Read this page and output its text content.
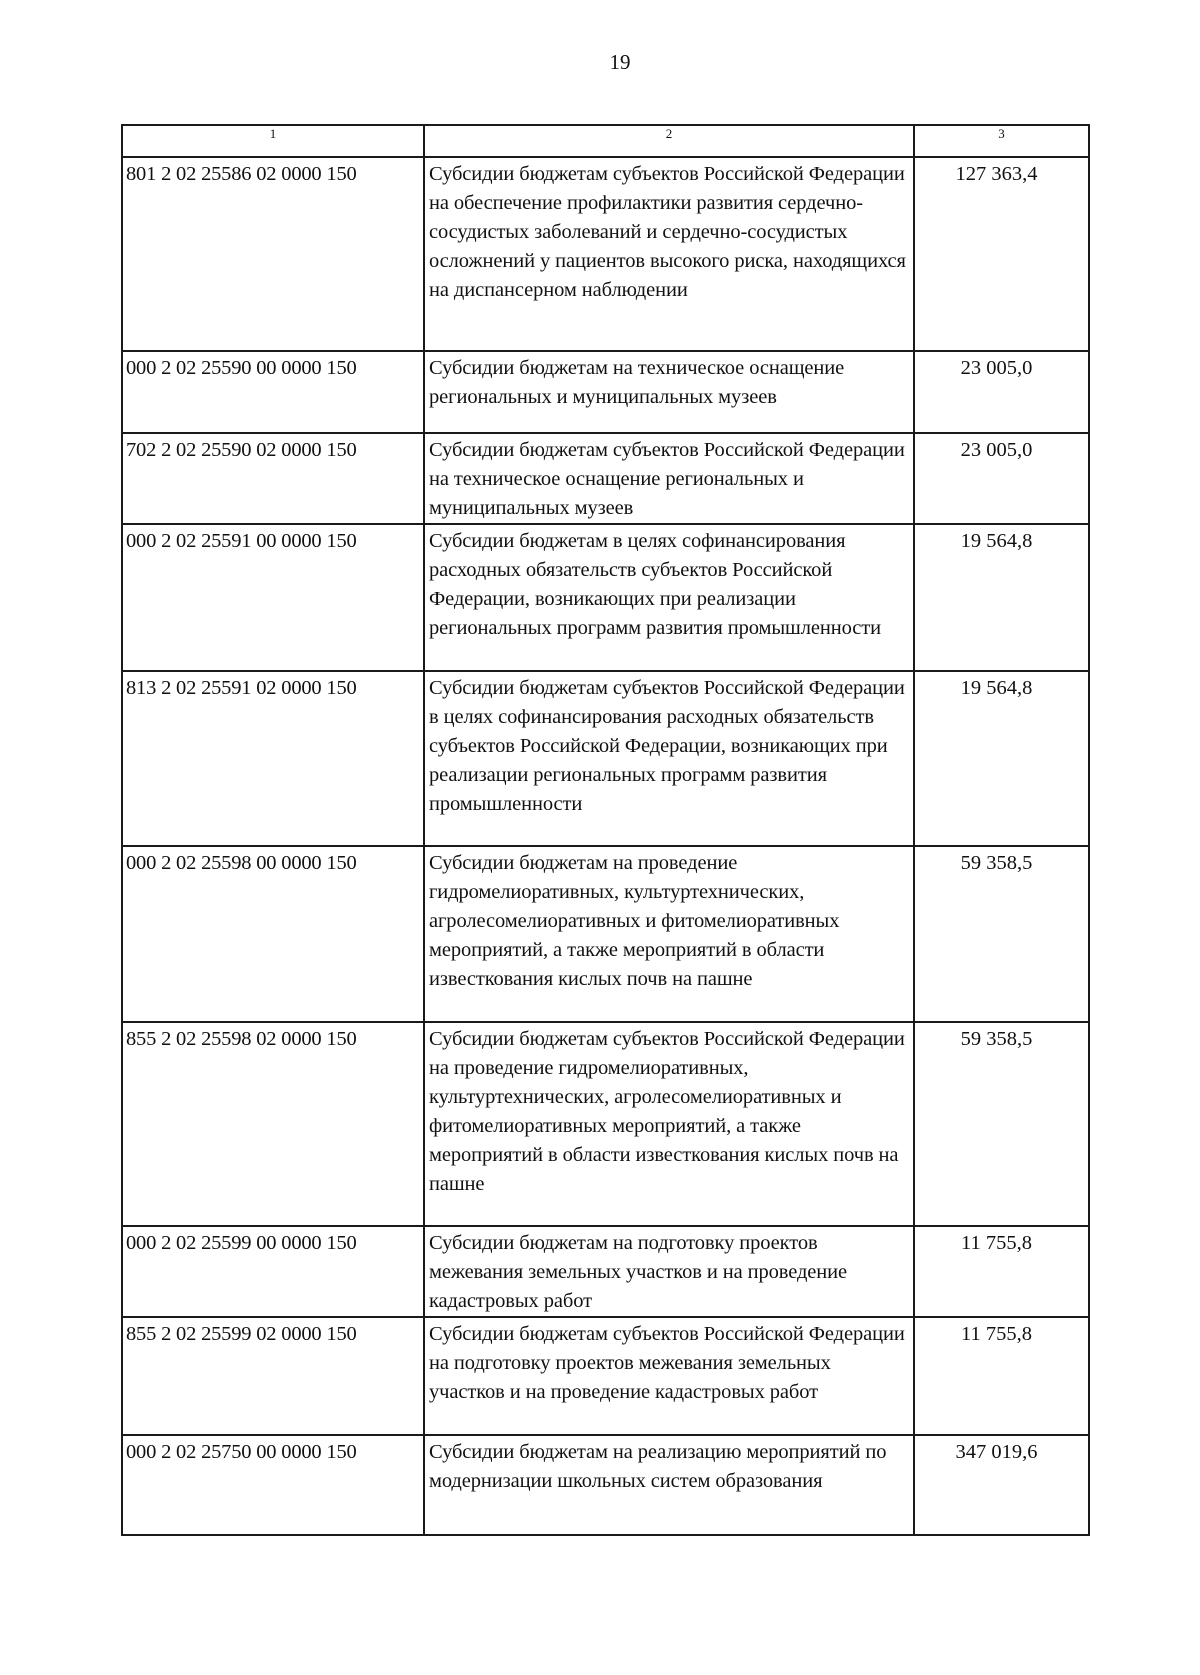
19
1	2	3
801 2 02 25586 02 0000 150	Субсидии бюджетам субъектов Российской Федерации на обеспечение профилактики развития сердечно-сосудистых заболеваний и сердечно-сосудистых осложнений у пациентов высокого риска, находящихся на диспансерном наблюдении	127 363,4
000 2 02 25590 00 0000 150	Субсидии бюджетам на техническое оснащение региональных и муниципальных музеев	23 005,0
702 2 02 25590 02 0000 150	Субсидии бюджетам субъектов Российской Федерации на техническое оснащение региональных и муниципальных музеев	23 005,0
000 2 02 25591 00 0000 150	Субсидии бюджетам в целях софинансирования расходных обязательств субъектов Российской Федерации, возникающих при реализации региональных программ развития промышленности	19 564,8
813 2 02 25591 02 0000 150	Субсидии бюджетам субъектов Российской Федерации в целях софинансирования расходных обязательств субъектов Российской Федерации, возникающих при реализации региональных программ развития промышленности	19 564,8
000 2 02 25598 00 0000 150	Субсидии бюджетам на проведение гидромелиоративных, культуртехнических, агролесомелиоративных и фитомелиоративных мероприятий, а также мероприятий в области известкования кислых почв на пашне	59 358,5
855 2 02 25598 02 0000 150	Субсидии бюджетам субъектов Российской Федерации на проведение гидромелиоративных, культуртехнических, агролесомелиоративных и фитомелиоративных мероприятий, а также мероприятий в области известкования кислых почв на пашне	59 358,5
000 2 02 25599 00 0000 150	Субсидии бюджетам на подготовку проектов межевания земельных участков и на проведение кадастровых работ	11 755,8
855 2 02 25599 02 0000 150	Субсидии бюджетам субъектов Российской Федерации на подготовку проектов межевания земельных участков и на проведение кадастровых работ	11 755,8
000 2 02 25750 00 0000 150	Субсидии бюджетам на реализацию мероприятий по модернизации школьных систем образования	347 019,6
